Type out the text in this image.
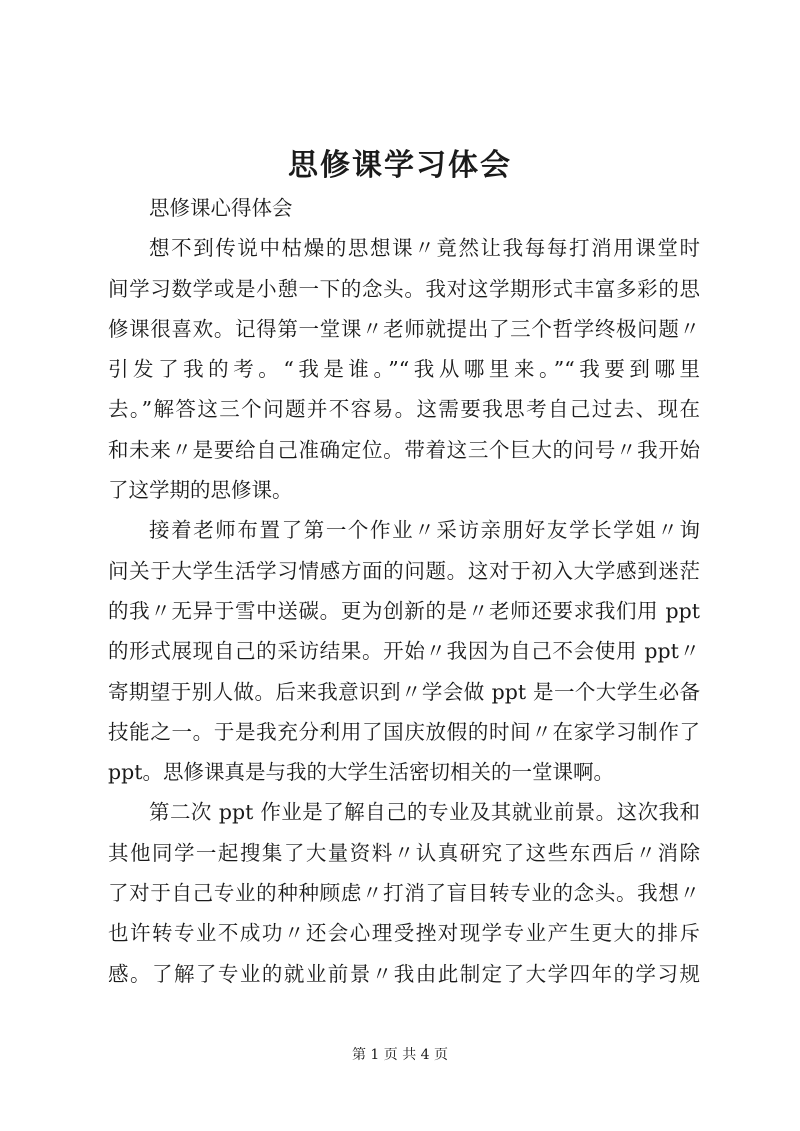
思修课学习体会

思修课心得体会

想不到传说中枯燥的思想课〃竟然让我每每打消用课堂时
间学习数学或是小憩一下的念头。我对这学期形式丰富多彩的思
修课很喜欢。记得第一堂课〃老师就提出了三个哲学终极问题〃
引发了我的考。“我是谁。”“我从哪里来。”“我要到哪里
去。”解答这三个问题并不容易。这需要我思考自己过去、现在
和未来〃是要给自己准确定位。带着这三个巨大的问号〃我开始
了这学期的思修课。

接着老师布置了第一个作业〃采访亲朋好友学长学姐〃询
问关于大学生活学习情感方面的问题。这对于初入大学感到迷茫
的我〃无异于雪中送碳。更为创新的是〃老师还要求我们用 ppt
的形式展现自己的采访结果。开始〃我因为自己不会使用 ppt〃
寄期望于别人做。后来我意识到〃学会做 ppt 是一个大学生必备
技能之一。于是我充分利用了国庆放假的时间〃在家学习制作了
ppt。思修课真是与我的大学生活密切相关的一堂课啊。

第二次 ppt 作业是了解自己的专业及其就业前景。这次我和
其他同学一起搜集了大量资料〃认真研究了这些东西后〃消除
了对于自己专业的种种顾虑〃打消了盲目转专业的念头。我想〃
也许转专业不成功〃还会心理受挫对现学专业产生更大的排斥
感。了解了专业的就业前景〃我由此制定了大学四年的学习规

第 1 页 共 4 页
